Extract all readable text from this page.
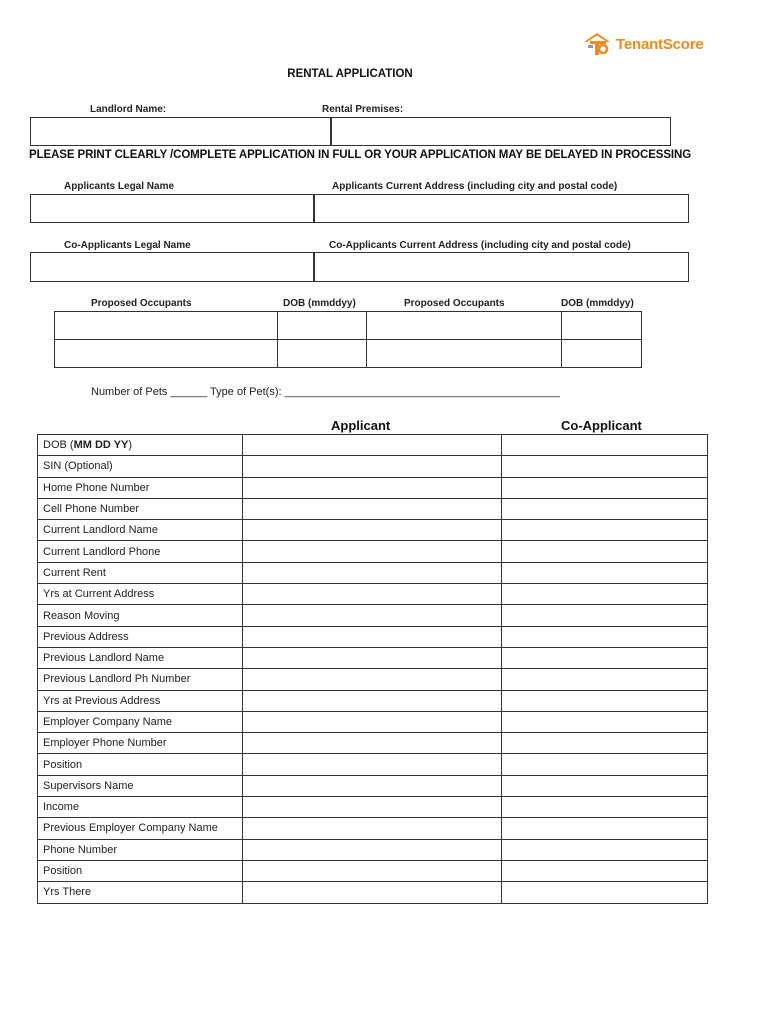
TenantScore
RENTAL APPLICATION
Landlord Name:	Rental Premises:
PLEASE PRINT CLEARLY /COMPLETE APPLICATION IN FULL OR YOUR APPLICATION MAY BE DELAYED IN PROCESSING
Applicants Legal Name	Applicants Current Address (including city and postal code)
Co-Applicants Legal Name	Co-Applicants Current Address (including city and postal code)
Proposed Occupants	DOB (mmddyy)	Proposed Occupants	DOB (mmddyy)

Number of Pets ______ Type of Pet(s): _____________________________________________
Applicant	Co-Applicant
DOB (MM DD YY)		
SIN (Optional)		
Home Phone Number		
Cell Phone Number		
Current Landlord Name		
Current Landlord Phone		
Current Rent		
Yrs at Current Address		
Reason Moving		
Previous Address		
Previous Landlord Name		
Previous Landlord Ph Number		
Yrs at Previous Address		
Employer Company Name		
Employer Phone Number		
Position		
Supervisors Name		
Income		
Previous Employer Company Name		
Phone Number		
Position		
Yrs There		
